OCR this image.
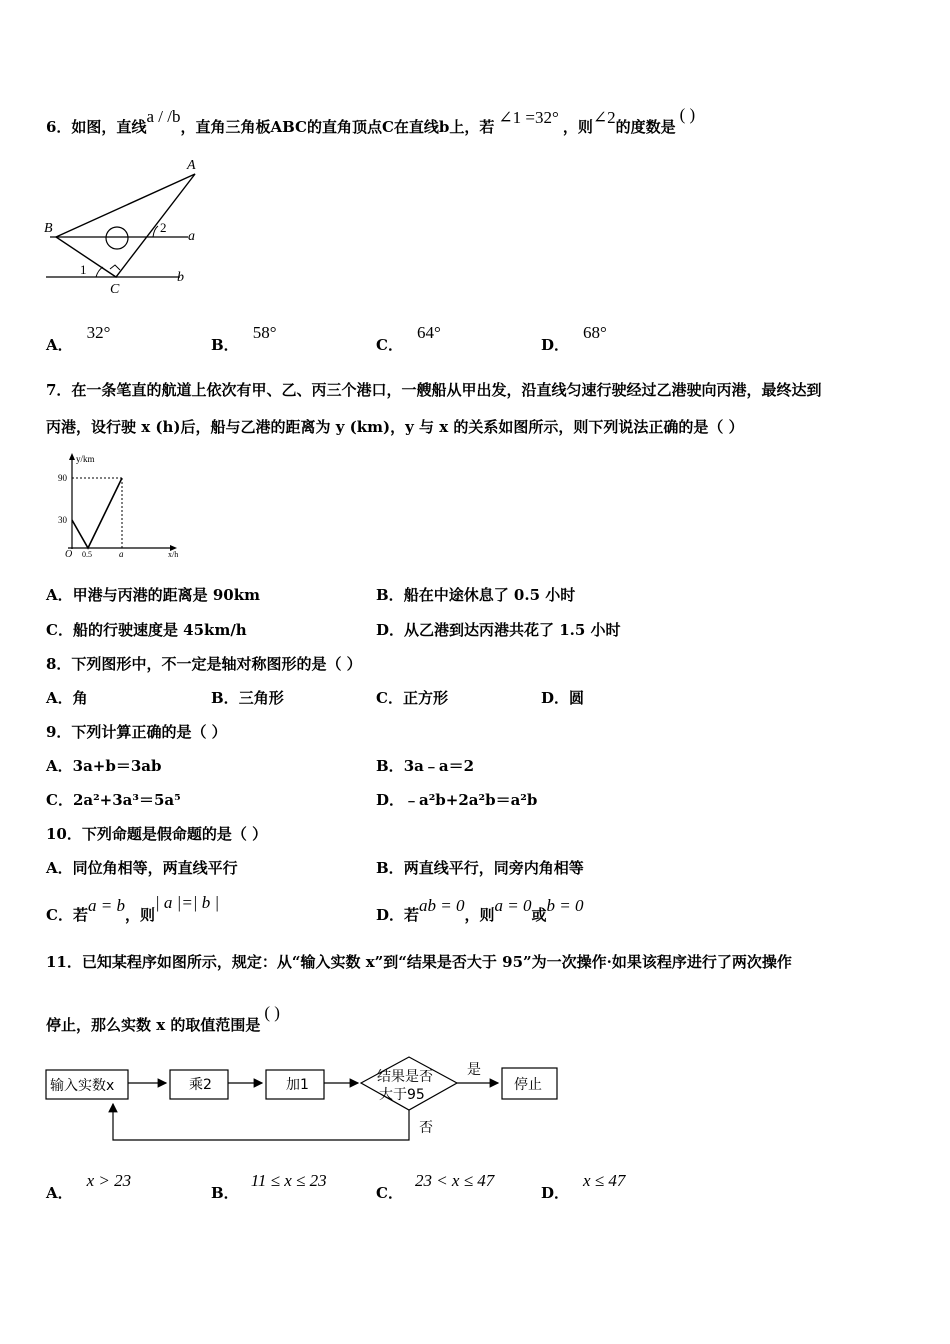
6．如图，直线a / /b，直角三角板ABC的直角顶点C在直线b上，若 ∠1 =32° ，则∠2的度数是( )
A
B
C
a
b
1
2
A．32°
B．58°
C．64°
D．68°
7．在一条笔直的航道上依次有甲、乙、丙三个港口，一艘船从甲出发，沿直线匀速行驶经过乙港驶向丙港，最终达到
丙港，设行驶 x (h)后，船与乙港的距离为 y (km)，y 与 x 的关系如图所示，则下列说法正确的是（ ）
y/km
90
30
O 0.5	a	x/h
A．甲港与丙港的距离是 90km	B．船在中途休息了 0.5 小时
C．船的行驶速度是 45km/h	D．从乙港到达丙港共花了 1.5 小时
8．下列图形中，不一定是轴对称图形的是（ ）
A．角	B．三角形	C．正方形	D．圆
9．下列计算正确的是（ ）
A．3a+b＝3ab	B．3a﹣a＝2
C．2a²+3a³＝5a⁵	D．﹣a²b+2a²b＝a²b
10．下列命题是假命题的是（ ）
A．同位角相等，两直线平行	B．两直线平行，同旁内角相等
C．若a = b，则| a |=| b |
D．若ab = 0，则a = 0或b = 0
11．已知某程序如图所示，规定：从“输入实数 x”到“结果是否大于 95”为一次操作·如果该程序进行了两次操作
停止，那么实数 x 的取值范围是( )
输入实数x	乘2	加1	结果是否
大于95
是
停止
否
A．x > 23
B．11 ≤ x ≤ 23
C．23 < x ≤ 47
D．x ≤ 47
